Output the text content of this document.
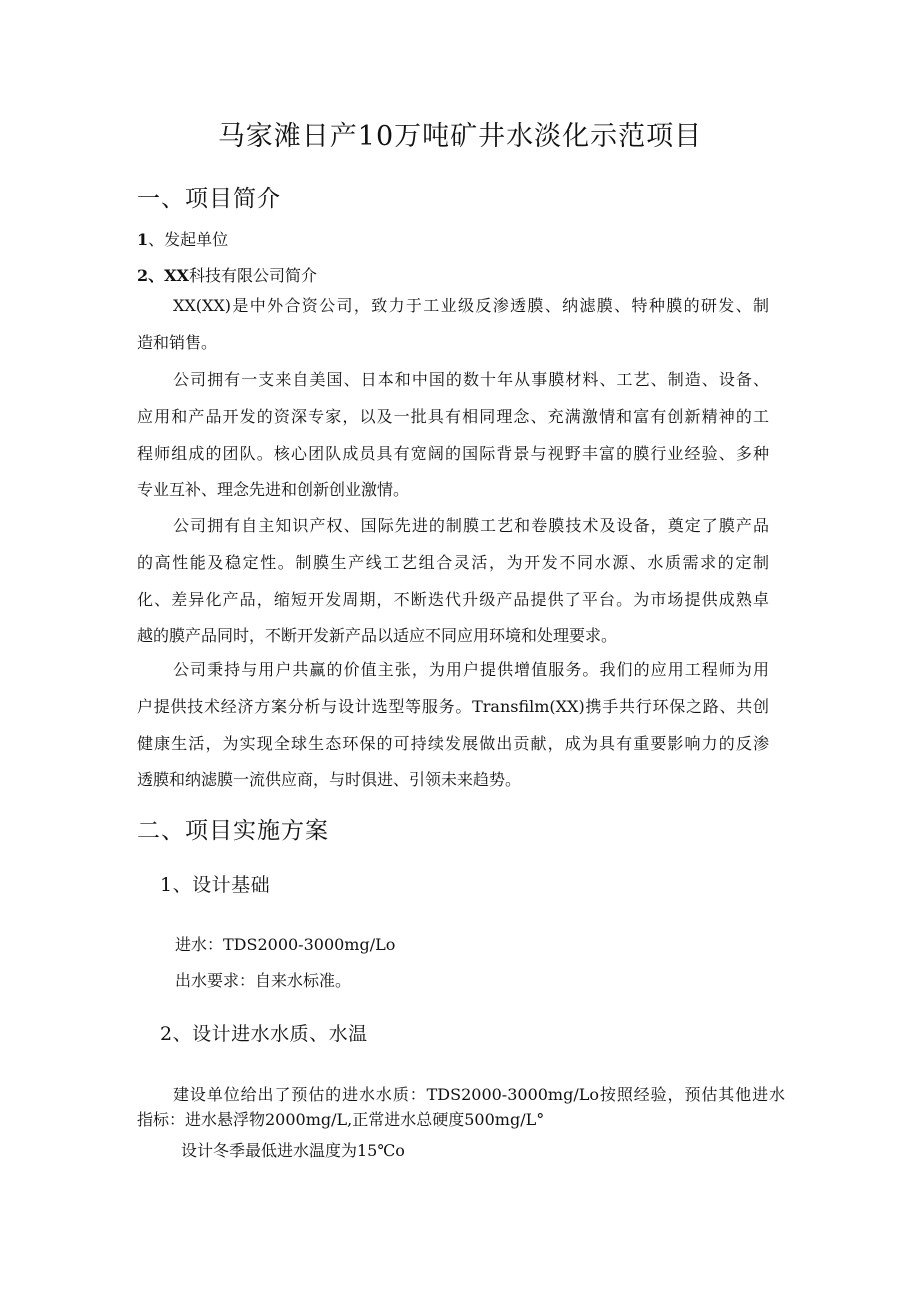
马家滩日产10万吨矿井水淡化示范项目
一、项目简介
1、发起单位
2、XX科技有限公司简介
XX(XX)是中外合资公司，致力于工业级反渗透膜、纳滤膜、特种膜的研发、制
造和销售。
公司拥有一支来自美国、日本和中国的数十年从事膜材料、工艺、制造、设备、
应用和产品开发的资深专家，以及一批具有相同理念、充满激情和富有创新精神的工
程师组成的团队。核心团队成员具有宽阔的国际背景与视野丰富的膜行业经验、多种
专业互补、理念先进和创新创业激情。
公司拥有自主知识产权、国际先进的制膜工艺和卷膜技术及设备，奠定了膜产品
的高性能及稳定性。制膜生产线工艺组合灵活，为开发不同水源、水质需求的定制
化、差异化产品，缩短开发周期，不断迭代升级产品提供了平台。为市场提供成熟卓
越的膜产品同时，不断开发新产品以适应不同应用环境和处理要求。
公司秉持与用户共赢的价值主张，为用户提供增值服务。我们的应用工程师为用
户提供技术经济方案分析与设计选型等服务。Transfilm(XX)携手共行环保之路、共创
健康生活，为实现全球生态环保的可持续发展做出贡献，成为具有重要影响力的反渗
透膜和纳滤膜一流供应商，与时俱进、引领未来趋势。
二、项目实施方案
1、设计基础
进水：TDS2000-3000mg/Lo
出水要求：自来水标准。
2、设计进水水质、水温
建设单位给出了预估的进水水质：TDS2000-3000mg/Lo按照经验，预估其他进水
指标：进水悬浮物2000mg/L,正常进水总硬度500mg/L°
设计冬季最低进水温度为15℃o
